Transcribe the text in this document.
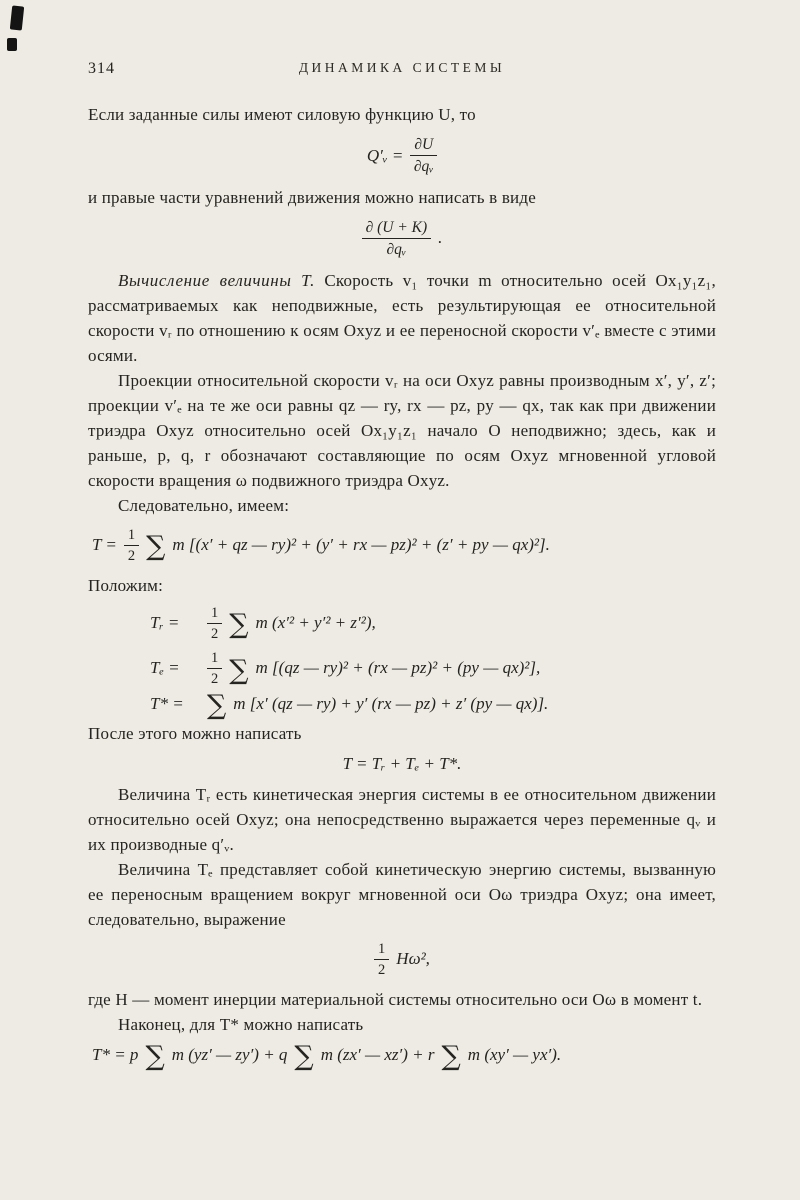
314	ДИНАМИКА СИСТЕМЫ

Если заданные силы имеют силовую функцию U, то

Q′ᵥ = $\frac{\partial U}{\text{∂qᵥ}}$

и правые части уравнений движения можно написать в виде

$\frac{\partial (U + K)}{\text{∂qᵥ}}$ .

Вычисление величины Т. Скорость v₁ точки m относительно осей Ox₁y₁z₁, рассматриваемых как неподвижные, есть результирующая ее относительной скорости vᵣ по отношению к осям Oxyz и ее переносной скорости v′ₑ вместе с этими осями.

Проекции относительной скорости vᵣ на оси Oxyz равны производным x′, y′, z′; проекции v′ₑ на те же оси равны qz — ry, rx — pz, py — qx, так как при движении триэдра Oxyz относительно осей Ox₁y₁z₁ начало O неподвижно; здесь, как и раньше, p, q, r обозначают составляющие по осям Oxyz мгновенной угловой скорости вращения ω подвижного триэдра Oxyz.

Следовательно, имеем:

$T = \frac{1}{2}$ ∑ m [(x′ + qz — ry)² + (y′ + rx — pz)² + (z′ + py — qx)²].

Положим:

Tᵣ =	$\frac{1}{2}$ ∑ m (x′² + y′² + z′²),
Tₑ =	$\frac{1}{2}$ ∑ m [(qz — ry)² + (rx — pz)² + (py — qx)²],
T* = ∑ m [x′ (qz — ry) + y′ (rx — pz) + z′ (py — qx)].

После этого можно написать

T = Tᵣ + Tₑ + T*.

Величина Tᵣ есть кинетическая энергия системы в ее относительном движении относительно осей Oxyz; она непосредственно выражается через переменные qᵥ и их производные q′ᵥ.

Величина Tₑ представляет собой кинетическую энергию системы, вызванную ее переносным вращением вокруг мгновенной оси Oω триэдра Oxyz; она имеет, следовательно, выражение

$\frac{1}{2} H\omega^2$,

где H — момент инерции материальной системы относительно оси Oω в момент t.

Наконец, для T* можно написать

T* = p ∑ m (yz′ — zy′) + q ∑ m (zx′ — xz′) + r ∑ m (xy′ — yx′).
